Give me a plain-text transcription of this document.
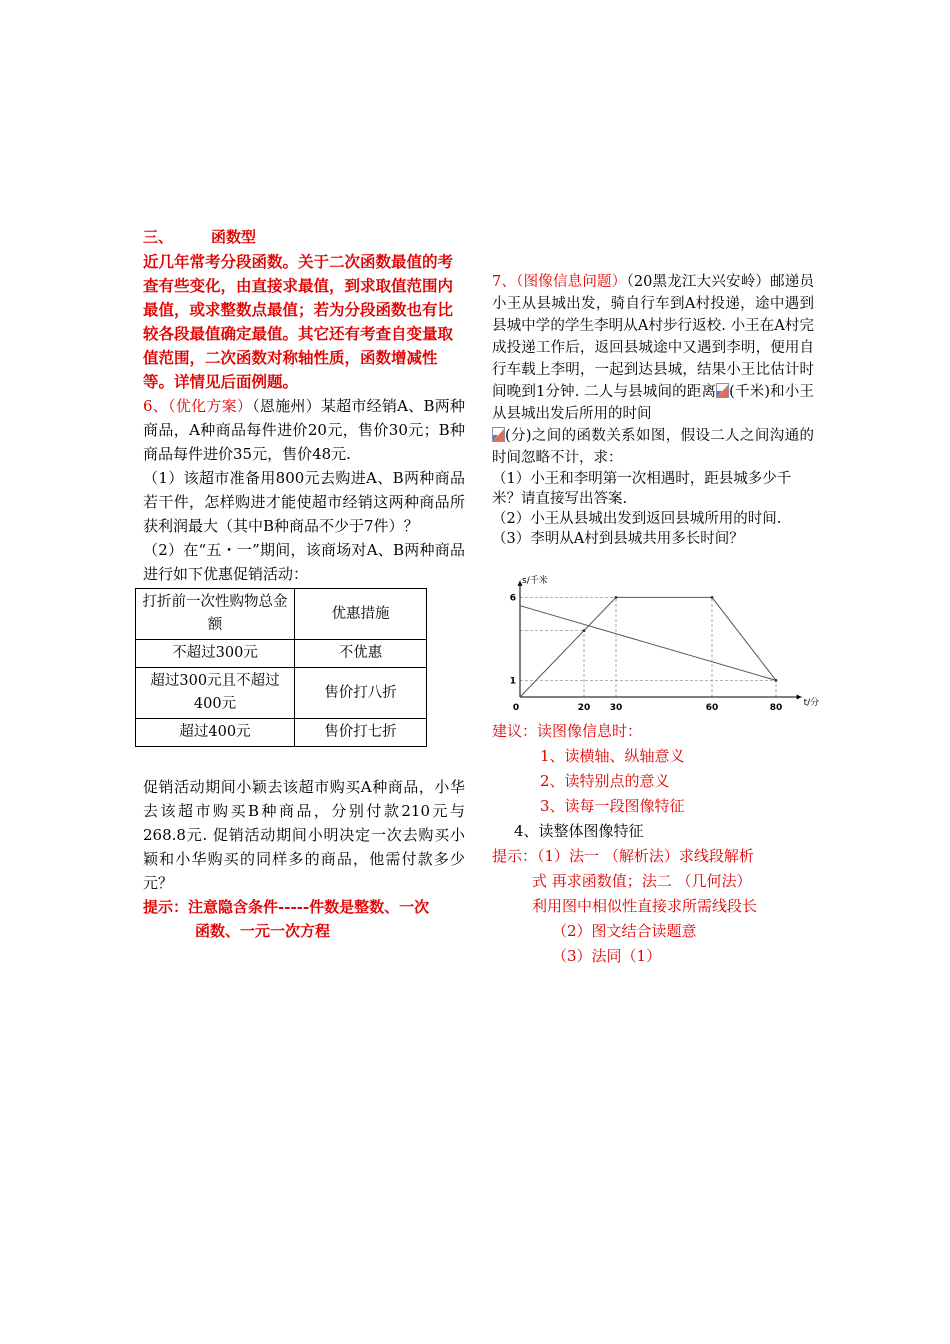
三、	函数型

近几年常考分段函数。关于二次函数最值的考查有些变化，由直接求最值，到求取值范围内最值，或求整数点最值；若为分段函数也有比较各段最值确定最值。其它还有考查自变量取值范围，二次函数对称轴性质，函数增减性等。详情见后面例题。

6、（优化方案）（恩施州）某超市经销A、B两种商品，A种商品每件进价20元，售价30元；B种商品每件进价35元，售价48元.

（1）该超市准备用800元去购进A、B两种商品若干件，怎样购进才能使超市经销这两种商品所获利润最大（其中B种商品不少于7件）？

（2）在“五・一”期间，该商场对A、B两种商品进行如下优惠促销活动：

打折前一次性购物总金额	优惠措施
不超过300元	不优惠
超过300元且不超过400元	售价打八折
超过400元	售价打七折

促销活动期间小颖去该超市购买A种商品，小华去该超市购买B种商品，分别付款210元与268.8元. 促销活动期间小明决定一次去购买小颖和小华购买的同样多的商品，他需付款多少元？

提示：注意隐含条件-----件数是整数、一次
函数、一元一次方程

7、（图像信息问题）（20黑龙江大兴安岭）邮递员小王从县城出发，骑自行车到A村投递，途中遇到县城中学的学生李明从A村步行返校. 小王在A村完成投递工作后，返回县城途中又遇到李明，便用自行车载上李明，一起到达县城，结果小王比估计时间晚到1分钟. 二人与县城间的距离 (千米)和小王从县城出发后所用的时间

(分)之间的函数关系如图，假设二人之间沟通的时间忽略不计，求：

（1）小王和李明第一次相遇时，距县城多少千米？请直接写出答案.

（2）小王从县城出发到返回县城所用的时间.

（3）李明从A村到县城共用多长时间？

0	20 30	60	80
1
6
s/千米
t/分

建议：读图像信息时：
1、读横轴、纵轴意义
2、读特别点的意义
3、读每一段图像特征
4、读整体图像特征

提示：（1）法一 （解析法）求线段解析
式 再求函数值；法二 （几何法）
利用图中相似性直接求所需线段长
（2）图文结合读题意
（3）法同（1）
